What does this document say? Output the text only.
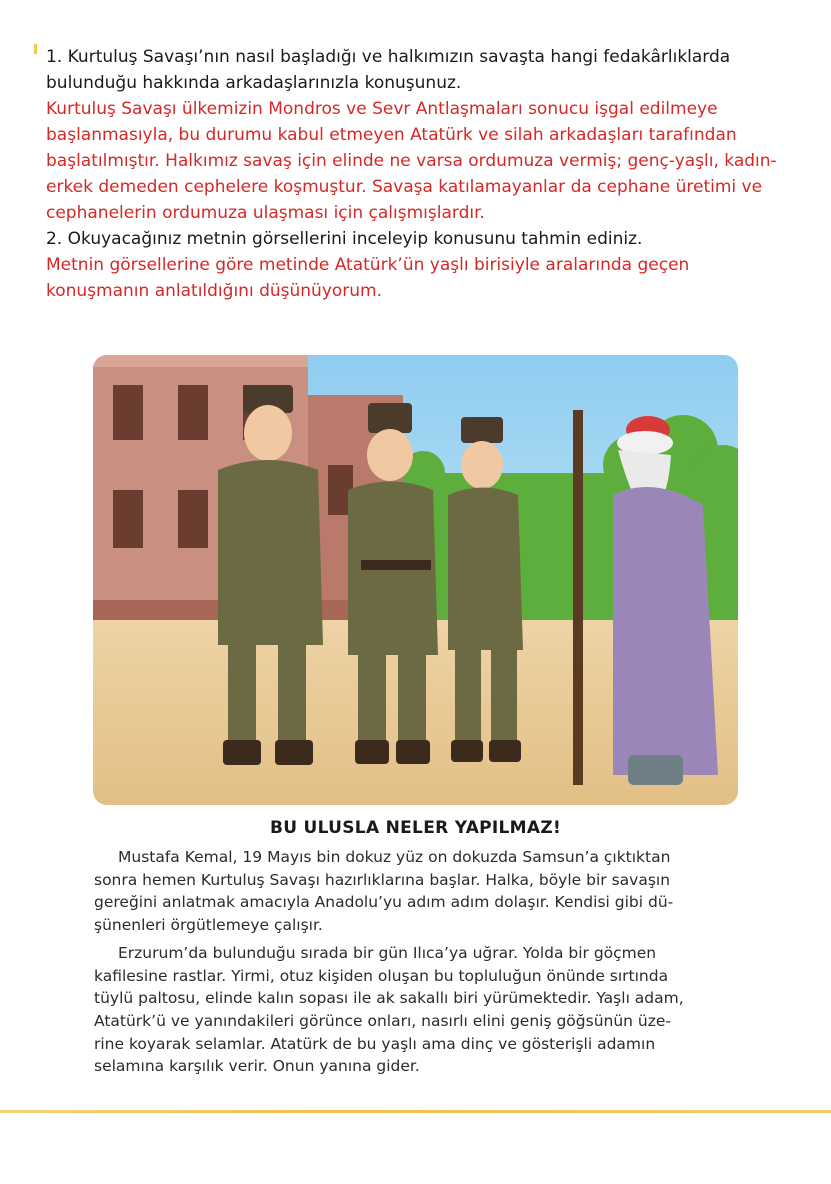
1. Kurtuluş Savaşı’nın nasıl başladığı ve halkımızın savaşta hangi fedakârlıklarda

bulunduğu hakkında arkadaşlarınızla konuşunuz.

Kurtuluş Savaşı ülkemizin Mondros ve Sevr Antlaşmaları sonucu işgal edilmeye

başlanmasıyla, bu durumu kabul etmeyen Atatürk ve silah arkadaşları tarafından

başlatılmıştır. Halkımız savaş için elinde ne varsa ordumuza vermiş; genç-yaşlı, kadın-

erkek demeden cephelere koşmuştur. Savaşa katılamayanlar da cephane üretimi ve

cephanelerin ordumuza ulaşması için çalışmışlardır.

2. Okuyacağınız metnin görsellerini inceleyip konusunu tahmin ediniz.

Metnin görsellerine göre metinde Atatürk’ün yaşlı birisiyle aralarında geçen

konuşmanın anlatıldığını düşünüyorum.

BU ULUSLA NELER YAPILMAZ!

Mustafa Kemal, 19 Mayıs bin dokuz yüz on dokuzda Samsun’a çıktıktan

sonra hemen Kurtuluş Savaşı hazırlıklarına başlar. Halka, böyle bir savaşın

gereğini anlatmak amacıyla Anadolu’yu adım adım dolaşır. Kendisi gibi dü-

şünenleri örgütlemeye çalışır.

Erzurum’da bulunduğu sırada bir gün Ilıca’ya uğrar. Yolda bir göçmen

kafilesine rastlar. Yirmi, otuz kişiden oluşan bu topluluğun önünde sırtında

tüylü paltosu, elinde kalın sopası ile ak sakallı biri yürümektedir. Yaşlı adam,

Atatürk’ü ve yanındakileri görünce onları, nasırlı elini geniş göğsünün üze-

rine koyarak selamlar. Atatürk de bu yaşlı ama dinç ve gösterişli adamın

selamına karşılık verir. Onun yanına gider.
